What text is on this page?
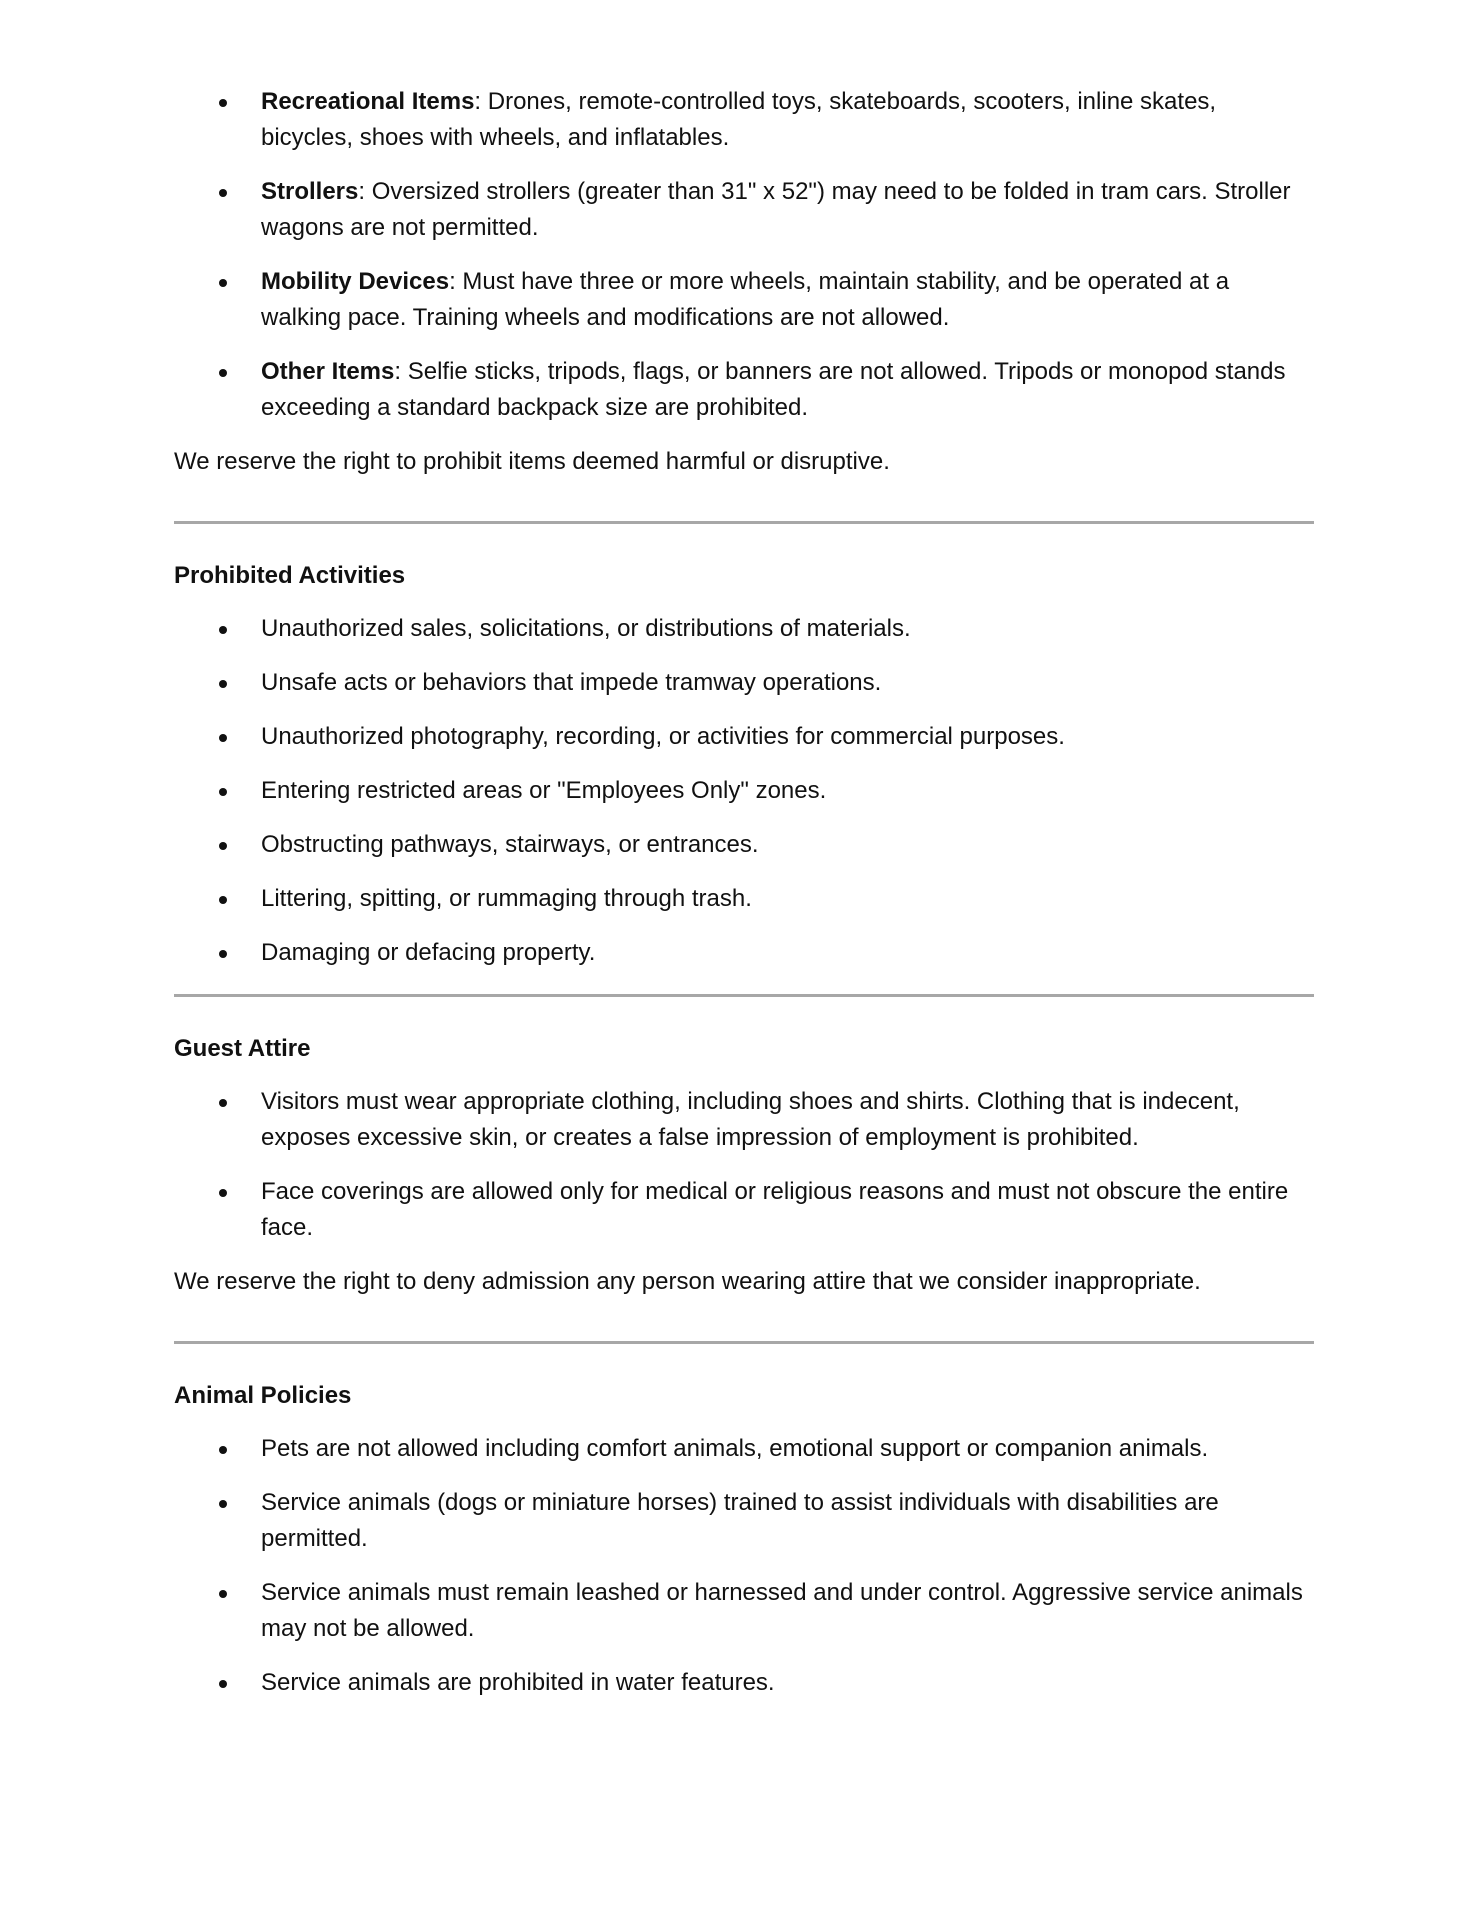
Recreational Items: Drones, remote-controlled toys, skateboards, scooters, inline skates, bicycles, shoes with wheels, and inflatables.
Strollers: Oversized strollers (greater than 31" x 52") may need to be folded in tram cars. Stroller wagons are not permitted.
Mobility Devices: Must have three or more wheels, maintain stability, and be operated at a walking pace. Training wheels and modifications are not allowed.
Other Items: Selfie sticks, tripods, flags, or banners are not allowed. Tripods or monopod stands exceeding a standard backpack size are prohibited.

We reserve the right to prohibit items deemed harmful or disruptive.

Prohibited Activities
Unauthorized sales, solicitations, or distributions of materials.
Unsafe acts or behaviors that impede tramway operations.
Unauthorized photography, recording, or activities for commercial purposes.
Entering restricted areas or "Employees Only" zones.
Obstructing pathways, stairways, or entrances.
Littering, spitting, or rummaging through trash.
Damaging or defacing property.
Guest Attire
Visitors must wear appropriate clothing, including shoes and shirts. Clothing that is indecent, exposes excessive skin, or creates a false impression of employment is prohibited.
Face coverings are allowed only for medical or religious reasons and must not obscure the entire face.

We reserve the right to deny admission any person wearing attire that we consider inappropriate.

Animal Policies
Pets are not allowed including comfort animals, emotional support or companion animals.
Service animals (dogs or miniature horses) trained to assist individuals with disabilities are permitted.
Service animals must remain leashed or harnessed and under control. Aggressive service animals may not be allowed.
Service animals are prohibited in water features.
